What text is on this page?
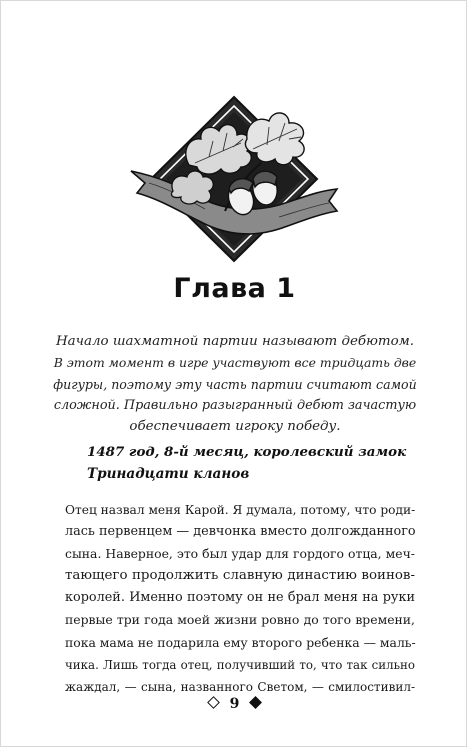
Глава 1
Начало шахматной партии называют дебютом.
В этот момент в игре участвуют все тридцать две
фигуры, поэтому эту часть партии считают самой
сложной. Правильно разыгранный дебют зачастую
обеспечивает игроку победу.
1487 год, 8-й месяц, королевский замок
Тринадцати кланов
Отец назвал меня Карой. Я думала, потому, что роди-
лась первенцем — девчонка вместо долгожданного
сына. Наверное, это был удар для гордого отца, меч-
тающего продолжить славную династию воинов-
королей. Именно поэтому он не брал меня на руки
первые три года моей жизни ровно до того времени,
пока мама не подарила ему второго ребенка — маль-
чика. Лишь тогда отец, получивший то, что так сильно
жаждал, — сына, названного Светом, — смилостивил-
9
